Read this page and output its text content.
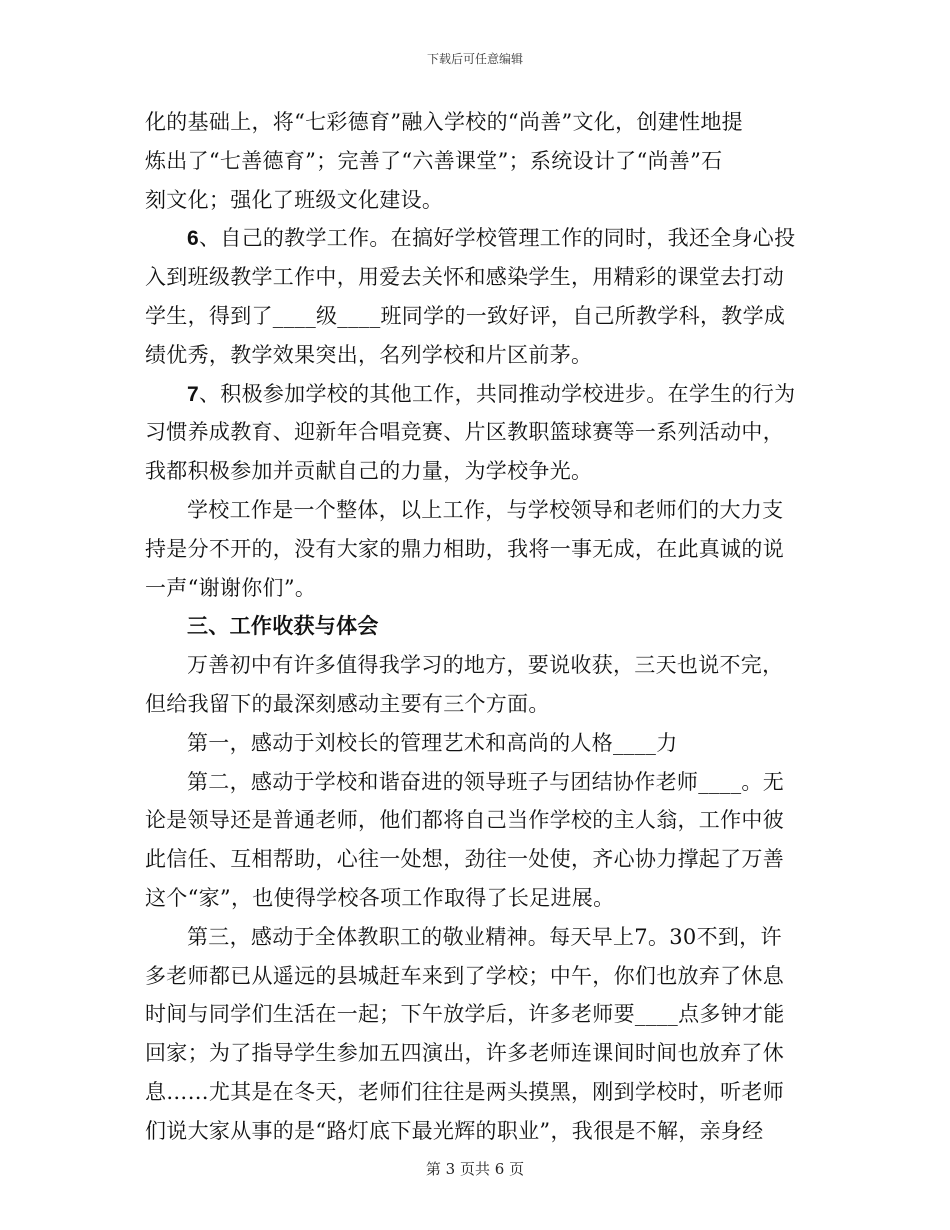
下载后可任意编辑
化的基础上，将“七彩德育”融入学校的“尚善”文化，创建性地提
炼出了“七善德育”；完善了“六善课堂”；系统设计了“尚善”石
刻文化；强化了班级文化建设。
6、自己的教学工作。在搞好学校管理工作的同时，我还全身心投
入到班级教学工作中，用爱去关怀和感染学生，用精彩的课堂去打动
学生，得到了____级____班同学的一致好评，自己所教学科，教学成
绩优秀，教学效果突出，名列学校和片区前茅。
7、积极参加学校的其他工作，共同推动学校进步。在学生的行为
习惯养成教育、迎新年合唱竞赛、片区教职篮球赛等一系列活动中，
我都积极参加并贡献自己的力量，为学校争光。
学校工作是一个整体，以上工作，与学校领导和老师们的大力支
持是分不开的，没有大家的鼎力相助，我将一事无成，在此真诚的说
一声“谢谢你们”。
三、工作收获与体会
万善初中有许多值得我学习的地方，要说收获，三天也说不完，
但给我留下的最深刻感动主要有三个方面。
第一，感动于刘校长的管理艺术和高尚的人格____力
第二，感动于学校和谐奋进的领导班子与团结协作老师____。无
论是领导还是普通老师，他们都将自己当作学校的主人翁，工作中彼
此信任、互相帮助，心往一处想，劲往一处使，齐心协力撑起了万善
这个“家”，也使得学校各项工作取得了长足进展。
第三，感动于全体教职工的敬业精神。每天早上7。30不到，许
多老师都已从遥远的县城赶车来到了学校；中午，你们也放弃了休息
时间与同学们生活在一起；下午放学后，许多老师要____点多钟才能
回家；为了指导学生参加五四演出，许多老师连课间时间也放弃了休
息……尤其是在冬天，老师们往往是两头摸黑，刚到学校时，听老师
们说大家从事的是“路灯底下最光辉的职业”，我很是不解，亲身经
第 3 页共 6 页
